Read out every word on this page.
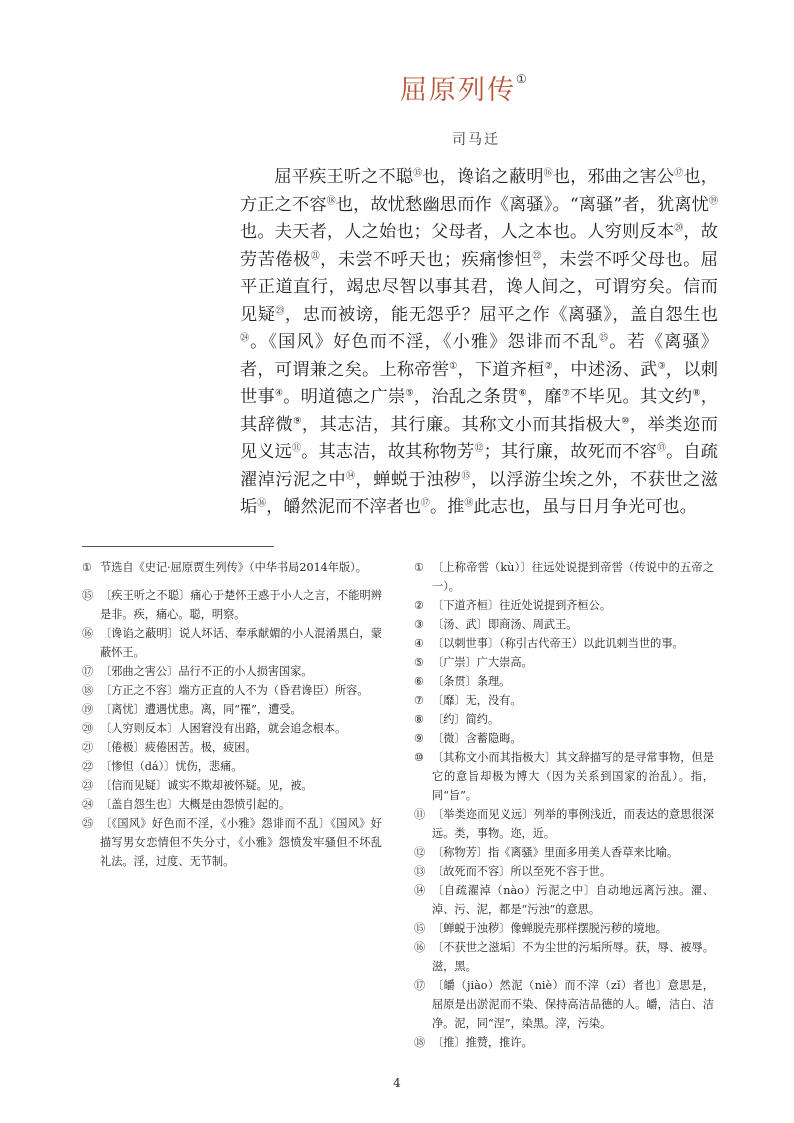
屈原列传①
司马迁

屈平疾王听之不聪⑮也，谗谄之蔽明⑯也，邪曲之害公⑰也，方正之不容⑱也，故忧愁幽思而作《离骚》。“离骚”者，犹离忧⑲也。夫天者，人之始也；父母者，人之本也。人穷则反本⑳，故劳苦倦极$^㉑$，未尝不呼天也；疾痛惨怛$^㉒$，未尝不呼父母也。屈平正道直行，竭忠尽智以事其君，谗人间之，可谓穷矣。信而见疑$^㉓$，忠而被谤，能无怨乎？屈平之作《离骚》，盖自怨生也$^㉔$。《国风》好色而不淫，《小雅》怨诽而不乱$^㉕$。若《离骚》者，可谓兼之矣。上称帝喾①，下道齐桓②，中述汤、武③，以刺世事④。明道德之广崇⑤，治乱之条贯⑥，靡⑦不毕见。其文约⑧，其辞微⑨，其志洁，其行廉。其称文小而其指极大⑩，举类迩而见义远⑪。其志洁，故其称物芳⑫；其行廉，故死而不容⑬。自疏濯淖污泥之中⑭，蝉蜕于浊秽⑮，以浮游尘埃之外，不获世之滋垢⑯，皭然泥而不滓者也⑰。推⑱此志也，虽与日月争光可也。

① 节选自《史记·屈原贾生列传》（中华书局2014年版）。
⑮ 〔疾王听之不聪〕痛心于楚怀王惑于小人之言，不能明辨是非。疾，痛心。聪，明察。
⑯ 〔谗谄之蔽明〕说人坏话、奉承献媚的小人混淆黑白，蒙蔽怀王。
⑰ 〔邪曲之害公〕品行不正的小人损害国家。
⑱ 〔方正之不容〕端方正直的人不为（昏君谗臣）所容。
⑲ 〔离忧〕遭遇忧患。离，同“罹”，遭受。
⑳ 〔人穷则反本〕人困窘没有出路，就会追念根本。
㉑ 〔倦极〕疲倦困苦。极，疲困。
㉒ 〔惨怛（dá）〕忧伤，悲痛。
㉓ 〔信而见疑〕诚实不欺却被怀疑。见，被。
㉔ 〔盖自怨生也〕大概是由怨愤引起的。
㉕ 〔《国风》好色而不淫，《小雅》怨诽而不乱〕《国风》好描写男女恋情但不失分寸，《小雅》怨愤发牢骚但不坏乱礼法。淫，过度、无节制。
① 〔上称帝喾（kù）〕往远处说提到帝喾（传说中的五帝之一）。
② 〔下道齐桓〕往近处说提到齐桓公。
③ 〔汤、武〕即商汤、周武王。
④ 〔以刺世事〕（称引古代帝王）以此讥刺当世的事。
⑤ 〔广崇〕广大崇高。
⑥ 〔条贯〕条理。
⑦ 〔靡〕无，没有。
⑧ 〔约〕简约。
⑨ 〔微〕含蓄隐晦。
⑩ 〔其称文小而其指极大〕其文辞描写的是寻常事物，但是它的意旨却极为博大（因为关系到国家的治乱）。指，同“旨”。
⑪ 〔举类迩而见义远〕列举的事例浅近，而表达的意思很深远。类，事物。迩，近。
⑫ 〔称物芳〕指《离骚》里面多用美人香草来比喻。
⑬ 〔故死而不容〕所以至死不容于世。
⑭ 〔自疏濯淖（nào）污泥之中〕自动地远离污浊。濯、淖、污、泥，都是“污浊”的意思。
⑮ 〔蝉蜕于浊秽〕像蝉脱壳那样摆脱污秽的境地。
⑯ 〔不获世之滋垢〕不为尘世的污垢所辱。获，辱、被辱。滋，黑。
⑰ 〔皭（jiào）然泥（niè）而不滓（zǐ）者也〕意思是，屈原是出淤泥而不染、保持高洁品德的人。皭，洁白、洁净。泥，同“涅”，染黑。滓，污染。
⑱ 〔推〕推赞，推许。
4
